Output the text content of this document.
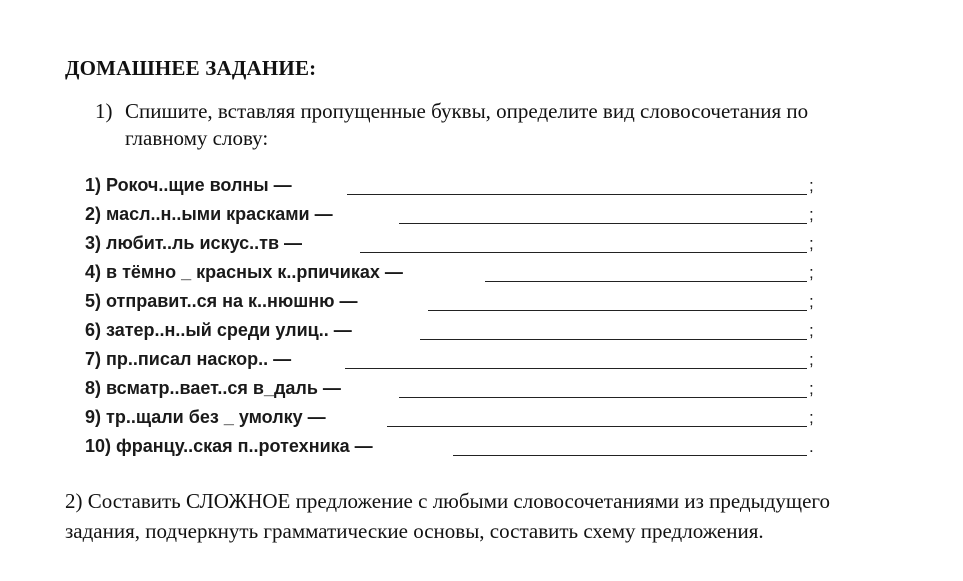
ДОМАШНЕЕ ЗАДАНИЕ:
1) Спишите, вставляя пропущенные буквы, определите вид словосочетания по
главному слову:
1) Рокоч..щие волны —	;
2) масл..н..ыми красками —	;
3) любит..ль искус..тв —	;
4) в тёмно _ красных к..рпичиках —	;
5) отправит..ся на к..нюшню —	;
6) затер..н..ый среди улиц.. —	;
7) пр..писал наскор.. —	;
8) всматр..вает..ся в_даль —	;
9) тр..щали без _ умолку —	;
10) францу..ская п..ротехника —	.
2) Составить СЛОЖНОЕ предложение с любыми словосочетаниями из предыдущего
задания, подчеркнуть грамматические основы, составить схему предложения.
